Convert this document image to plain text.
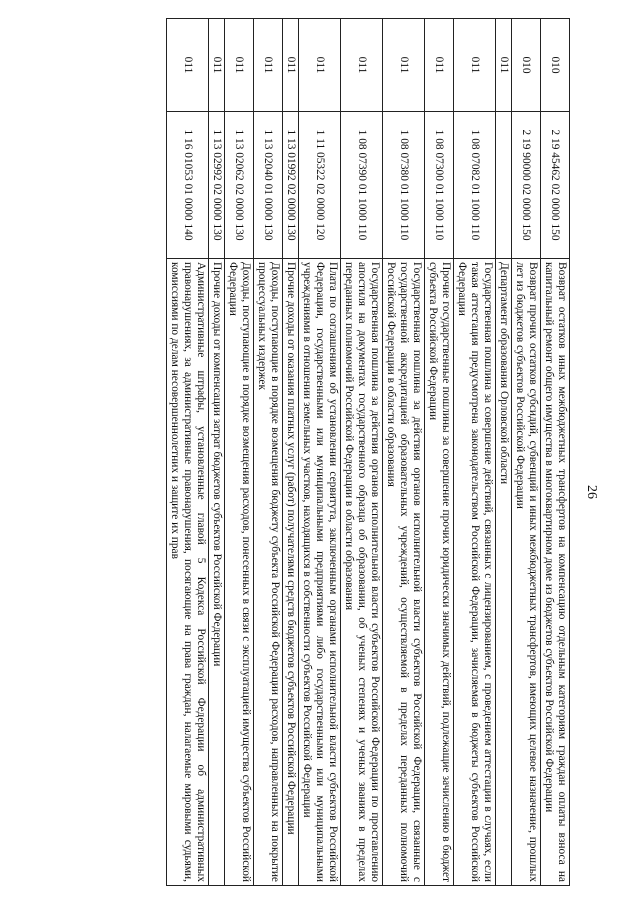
26
010	2 19 45462 02 0000 150	Возврат остатков иных межбюджетных трансфертов на компенсацию отдельным категориям граждан оплаты взноса на капитальный ремонт общего имущества в многоквартирном доме из бюджетов субъектов Российской Федерации
010	2 19 90000 02 0000 150	Возврат прочих остатков субсидий, субвенций и иных межбюджетных трансфертов, имеющих целевое назначение, прошлых лет из бюджетов субъектов Российской Федерации
011		Департамент образования Орловской области
011	1 08 07082 01 1000 110	Государственная пошлина за совершение действий, связанных с лицензированием, с проведением аттестации в случаях, если такая аттестация предусмотрена законодательством Российской Федерации, зачисляемая в бюджеты субъектов Российской Федерации
011	1 08 07300 01 1000 110	Прочие государственные пошлины за совершение прочих юридически значимых действий, подлежащие зачислению в бюджет субъекта Российской Федерации
011	1 08 07380 01 1000 110	Государственная пошлина за действия органов исполнительной власти субъектов Российской Федерации, связанные с государственной аккредитацией образовательных учреждений, осуществляемой в пределах переданных полномочий Российской Федерации в области образования
011	1 08 07390 01 1000 110	Государственная пошлина за действия органов исполнительной власти субъектов Российской Федерации по проставлению апостиля на документах государственного образца об образовании, об ученых степенях и ученых званиях в пределах переданных полномочий Российской Федерации в области образования
011	1 11 05322 02 0000 120	Плата по соглашениям об установлении сервитута, заключенным органами исполнительной власти субъектов Российской Федерации, государственными или муниципальными предприятиями либо государственными или муниципальными учреждениями в отношении земельных участков, находящихся в собственности субъектов Российской Федерации
011	1 13 01992 02 0000 130	Прочие доходы от оказания платных услуг (работ) получателями средств бюджетов субъектов Российской Федерации
011	1 13 02040 01 0000 130	Доходы, поступающие в порядке возмещения бюджету субъекта Российской Федерации расходов, направленных на покрытие процессуальных издержек
011	1 13 02062 02 0000 130	Доходы, поступающие в порядке возмещения расходов, понесенных в связи с эксплуатацией имущества субъектов Российской Федерации
011	1 13 02992 02 0000 130	Прочие доходы от компенсации затрат бюджетов субъектов Российской Федерации
011	1 16 01053 01 0000 140	Административные штрафы, установленные главой 5 Кодекса Российской Федерации об административных правонарушениях, за административные правонарушения, посягающие на права граждан, налагаемые мировыми судьями, комиссиями по делам несовершеннолетних и защите их прав
